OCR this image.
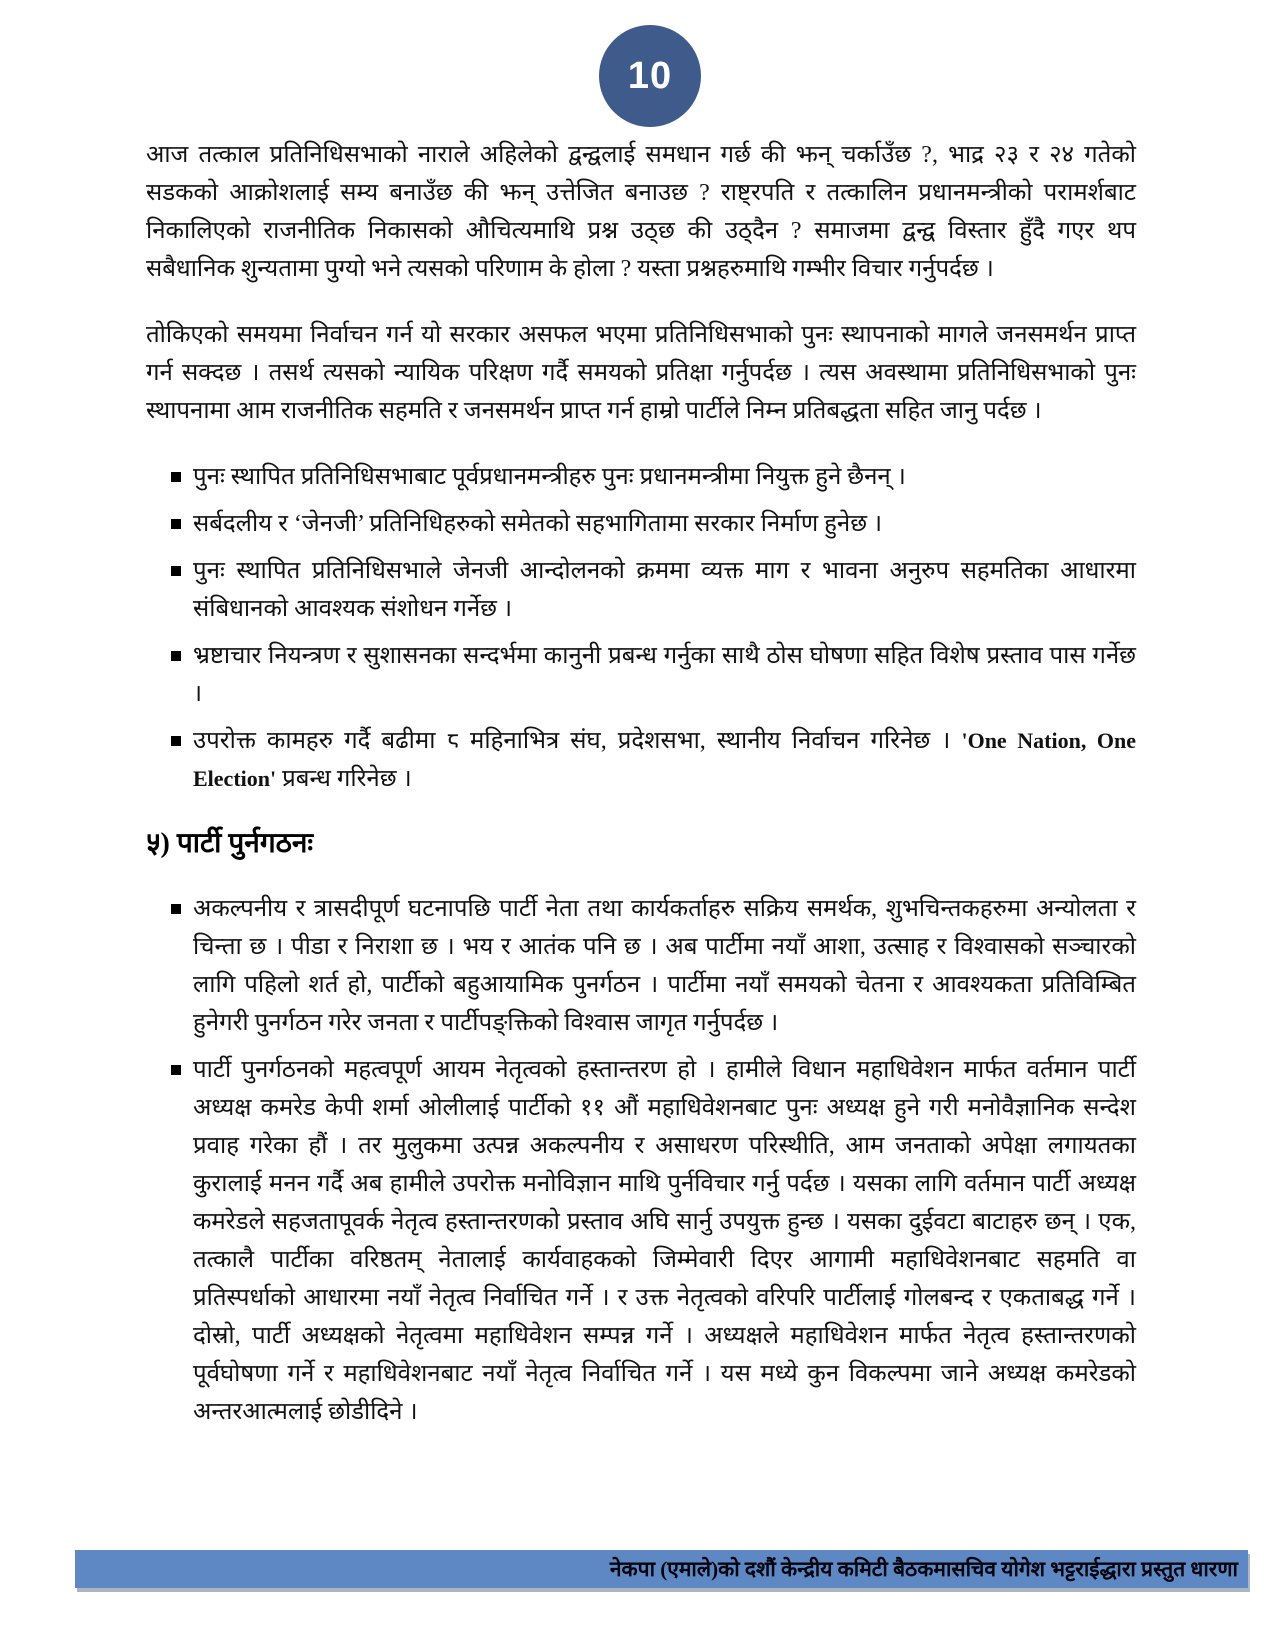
10

आज तत्काल प्रतिनिधिसभाको नाराले अहिलेको द्वन्द्वलाई समधान गर्छ की झन् चर्काउँछ ?, भाद्र २३ र २४ गतेको सडकको आक्रोशलाई सम्य बनाउँछ की झन् उत्तेजित बनाउछ ? राष्ट्रपति र तत्कालिन प्रधानमन्त्रीको परामर्शबाट निकालिएको राजनीतिक निकासको औचित्यमाथि प्रश्न उठ्छ की उठ्दैन ? समाजमा द्वन्द्व विस्तार हुँदै गएर थप सबैधानिक शुन्यतामा पुग्यो भने त्यसको परिणाम के होला ? यस्ता प्रश्नहरुमाथि गम्भीर विचार गर्नुपर्दछ ।

तोकिएको समयमा निर्वाचन गर्न यो सरकार असफल भएमा प्रतिनिधिसभाको पुनः स्थापनाको मागले जनसमर्थन प्राप्त गर्न सक्दछ । तसर्थ त्यसको न्यायिक परिक्षण गर्दै समयको प्रतिक्षा गर्नुपर्दछ । त्यस अवस्थामा प्रतिनिधिसभाको पुनः स्थापनामा आम राजनीतिक सहमति र जनसमर्थन प्राप्त गर्न हाम्रो पार्टीले निम्न प्रतिबद्धता सहित जानु पर्दछ ।

पुनः स्थापित प्रतिनिधिसभाबाट पूर्वप्रधानमन्त्रीहरु पुनः प्रधानमन्त्रीमा नियुक्त हुने छैनन् ।
सर्बदलीय र ‘जेनजी’ प्रतिनिधिहरुको समेतको सहभागितामा सरकार निर्माण हुनेछ ।
पुनः स्थापित प्रतिनिधिसभाले जेनजी आन्दोलनको क्रममा व्यक्त माग र भावना अनुरुप सहमतिका आधारमा संबिधानको आवश्यक संशोधन गर्नेछ ।
भ्रष्टाचार नियन्त्रण र सुशासनका सन्दर्भमा कानुनी प्रबन्ध गर्नुका साथै ठोस घोषणा सहित विशेष प्रस्ताव पास गर्नेछ ।
उपरोक्त कामहरु गर्दै बढीमा ८ महिनाभित्र संघ, प्रदेशसभा, स्थानीय निर्वाचन गरिनेछ । 'One Nation, One Election' प्रबन्ध गरिनेछ ।
५) पार्टी पुर्नगठनः
अकल्पनीय र त्रासदीपूर्ण घटनापछि पार्टी नेता तथा कार्यकर्ताहरु सक्रिय समर्थक, शुभचिन्तकहरुमा अन्योलता र चिन्ता छ । पीडा र निराशा छ । भय र आतंक पनि छ । अब पार्टीमा नयाँ आशा, उत्साह र विश्वासको सञ्चारको लागि पहिलो शर्त हो, पार्टीको बहुआयामिक पुनर्गठन । पार्टीमा नयाँ समयको चेतना र आवश्यकता प्रतिविम्बित हुनेगरी पुनर्गठन गरेर जनता र पार्टीपङ्क्तिको विश्वास जागृत गर्नुपर्दछ ।
पार्टी पुनर्गठनको महत्वपूर्ण आयम नेतृत्वको हस्तान्तरण हो । हामीले विधान महाधिवेशन मार्फत वर्तमान पार्टी अध्यक्ष कमरेड केपी शर्मा ओलीलाई पार्टीको ११ औं महाधिवेशनबाट पुनः अध्यक्ष हुने गरी मनोवैज्ञानिक सन्देश प्रवाह गरेका हौं । तर मुलुकमा उत्पन्न अकल्पनीय र असाधरण परिस्थीति, आम जनताको अपेक्षा लगायतका कुरालाई मनन गर्दै अब हामीले उपरोक्त मनोविज्ञान माथि पुर्नविचार गर्नु पर्दछ । यसका लागि वर्तमान पार्टी अध्यक्ष कमरेडले सहजतापूवर्क नेतृत्व हस्तान्तरणको प्रस्ताव अघि सार्नु उपयुक्त हुन्छ । यसका दुईवटा बाटाहरु छन् । एक, तत्कालै पार्टीका वरिष्ठतम् नेतालाई कार्यवाहकको जिम्मेवारी दिएर आगामी महाधिवेशनबाट सहमति वा प्रतिस्पर्धाको आधारमा नयाँ नेतृत्व निर्वाचित गर्ने । र उक्त नेतृत्वको वरिपरि पार्टीलाई गोलबन्द र एकताबद्ध गर्ने । दोस्रो, पार्टी अध्यक्षको नेतृत्वमा महाधिवेशन सम्पन्न गर्ने । अध्यक्षले महाधिवेशन मार्फत नेतृत्व हस्तान्तरणको पूर्वघोषणा गर्ने र महाधिवेशनबाट नयाँ नेतृत्व निर्वाचित गर्ने । यस मध्ये कुन विकल्पमा जाने अध्यक्ष कमरेडको अन्तरआत्मलाई छोडीदिने ।
नेकपा (एमाले)को दशौं केन्द्रीय कमिटी बैठकमासचिव योगेश भट्टराईद्धारा प्रस्तुत धारणा
